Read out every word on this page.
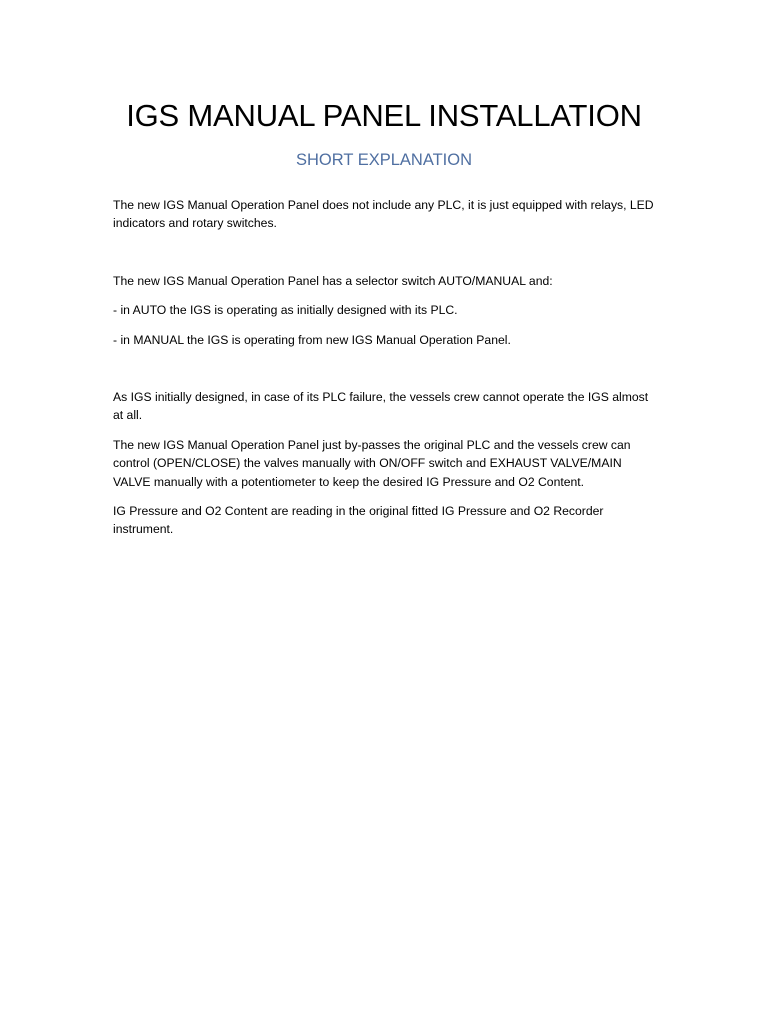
IGS MANUAL PANEL INSTALLATION
SHORT EXPLANATION

The new IGS Manual Operation Panel does not include any PLC, it is just equipped with relays, LED indicators and rotary switches.

The new IGS Manual Operation Panel has a selector switch AUTO/MANUAL and:

- in AUTO the IGS is operating as initially designed with its PLC.

- in MANUAL the IGS is operating from new IGS Manual Operation Panel.

As IGS initially designed, in case of its PLC failure, the vessels crew cannot operate the IGS almost at all.

The new IGS Manual Operation Panel just by-passes the original PLC and the vessels crew can control (OPEN/CLOSE) the valves manually with ON/OFF switch and EXHAUST VALVE/MAIN VALVE manually with a potentiometer to keep the desired IG Pressure and O2 Content.

IG Pressure and O2 Content are reading in the original fitted IG Pressure and O2 Recorder instrument.
